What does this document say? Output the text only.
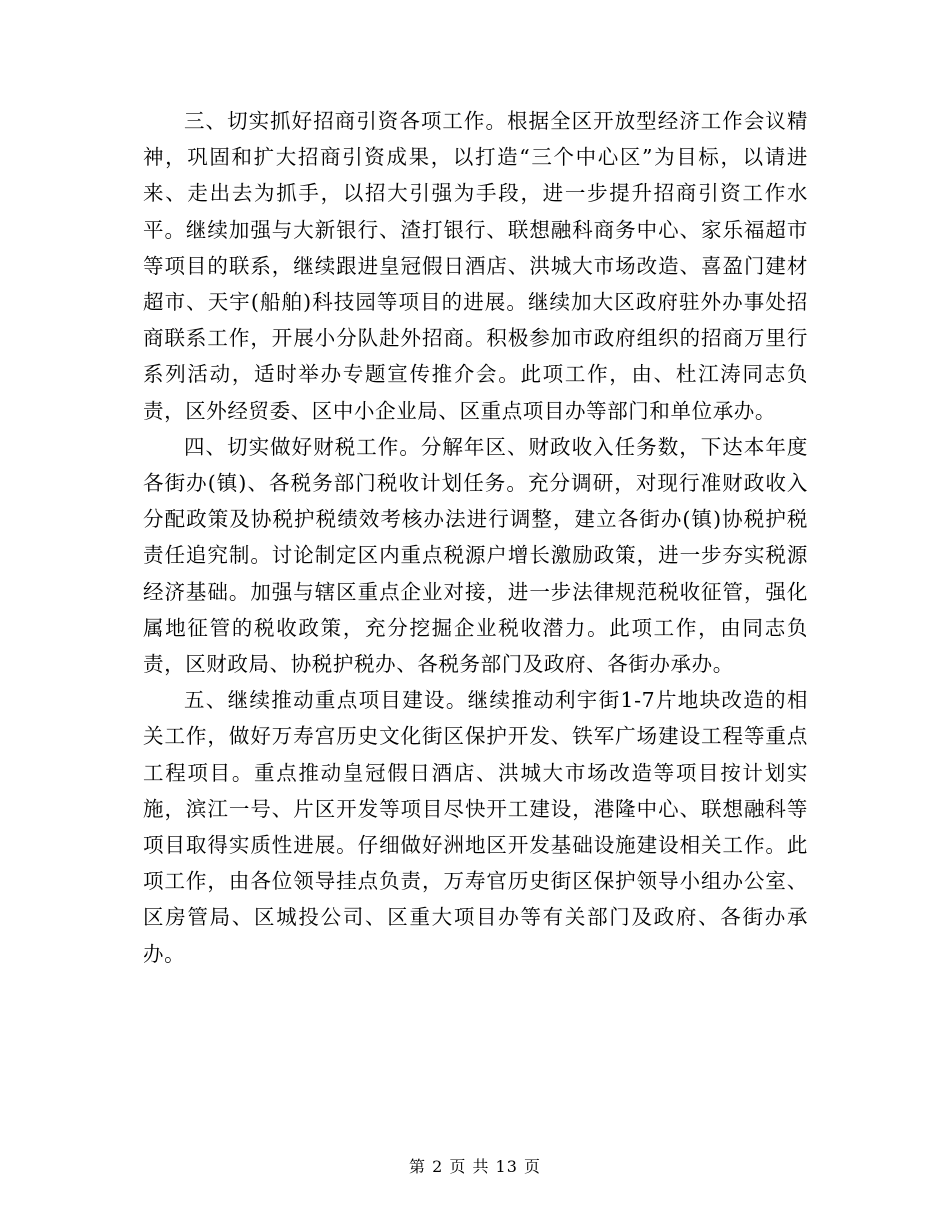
三、切实抓好招商引资各项工作。根据全区开放型经济工作会议精神，巩固和扩大招商引资成果，以打造“三个中心区”为目标，以请进来、走出去为抓手，以招大引强为手段，进一步提升招商引资工作水平。继续加强与大新银行、渣打银行、联想融科商务中心、家乐福超市等项目的联系，继续跟进皇冠假日酒店、洪城大市场改造、喜盈门建材超市、天宇(船舶)科技园等项目的进展。继续加大区政府驻外办事处招商联系工作，开展小分队赴外招商。积极参加市政府组织的招商万里行系列活动，适时举办专题宣传推介会。此项工作，由、杜江涛同志负责，区外经贸委、区中小企业局、区重点项目办等部门和单位承办。

四、切实做好财税工作。分解年区、财政收入任务数，下达本年度各街办(镇)、各税务部门税收计划任务。充分调研，对现行准财政收入分配政策及协税护税绩效考核办法进行调整，建立各街办(镇)协税护税责任追究制。讨论制定区内重点税源户增长激励政策，进一步夯实税源经济基础。加强与辖区重点企业对接，进一步法律规范税收征管，强化属地征管的税收政策，充分挖掘企业税收潜力。此项工作，由同志负责，区财政局、协税护税办、各税务部门及政府、各街办承办。

五、继续推动重点项目建设。继续推动利宇街1-7片地块改造的相关工作，做好万寿宫历史文化街区保护开发、铁军广场建设工程等重点工程项目。重点推动皇冠假日酒店、洪城大市场改造等项目按计划实施，滨江一号、片区开发等项目尽快开工建设，港隆中心、联想融科等项目取得实质性进展。仔细做好洲地区开发基础设施建设相关工作。此项工作，由各位领导挂点负责，万寿官历史街区保护领导小组办公室、区房管局、区城投公司、区重大项目办等有关部门及政府、各街办承办。

第 2 页 共 13 页
